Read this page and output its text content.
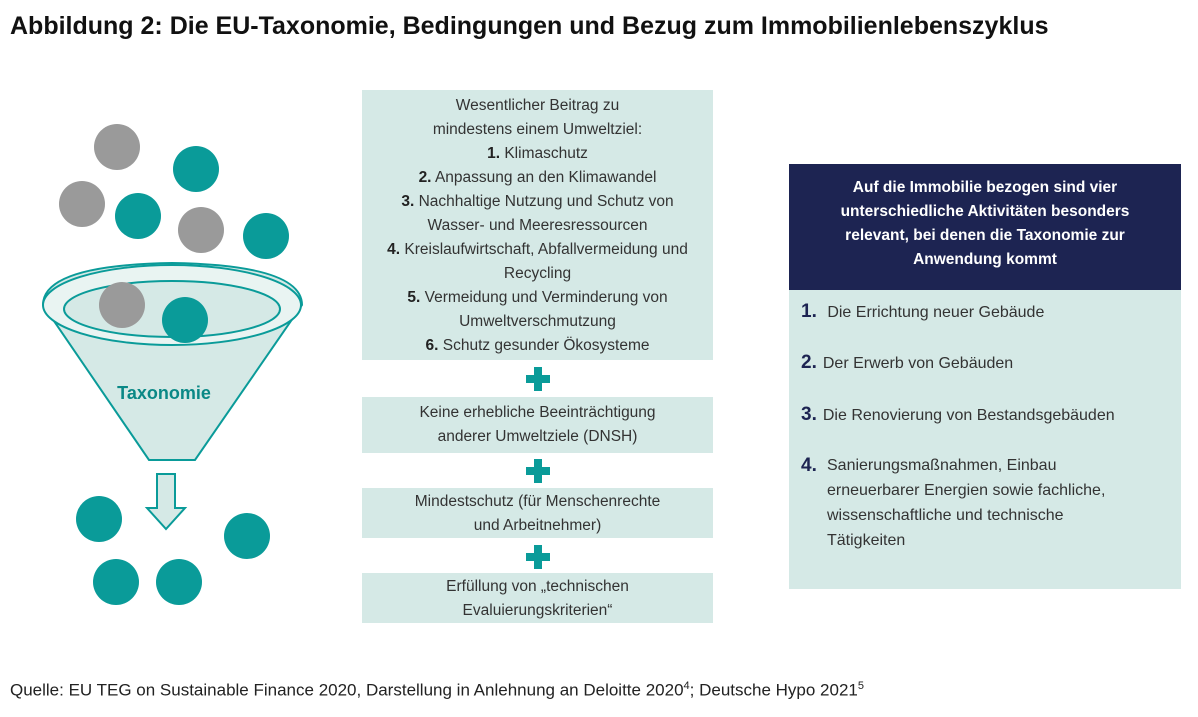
Abbildung 2: Die EU-Taxonomie, Bedingungen und Bezug zum Immobilienlebenszyklus
Taxonomie
Wesentlicher Beitrag zu mindestens einem Umweltziel:
1. Klimaschutz
2. Anpassung an den Klimawandel
3. Nachhaltige Nutzung und Schutz von Wasser- und Meeresressourcen
4. Kreislaufwirtschaft, Abfallvermeidung und Recycling
5. Vermeidung und Verminderung von Umweltverschmutzung
6. Schutz gesunder Ökosysteme
Keine erhebliche Beeinträchtigung anderer Umweltziele (DNSH)
Mindestschutz (für Menschenrechte und Arbeitnehmer)
Erfüllung von „technischen Evaluierungskriterien“
Auf die Immobilie bezogen sind vier unterschiedliche Aktivitäten besonders relevant, bei denen die Taxonomie zur Anwendung kommt
1. Die Errichtung neuer Gebäude
2. Der Erwerb von Gebäuden
3. Die Renovierung von Bestandsgebäuden
4. Sanierungsmaßnahmen, Einbau erneuerbarer Energien sowie fachliche, wissenschaftliche und technische Tätigkeiten
Quelle: EU TEG on Sustainable Finance 2020, Darstellung in Anlehnung an Deloitte 2020$^4$; Deutsche Hypo 2021$^5$
